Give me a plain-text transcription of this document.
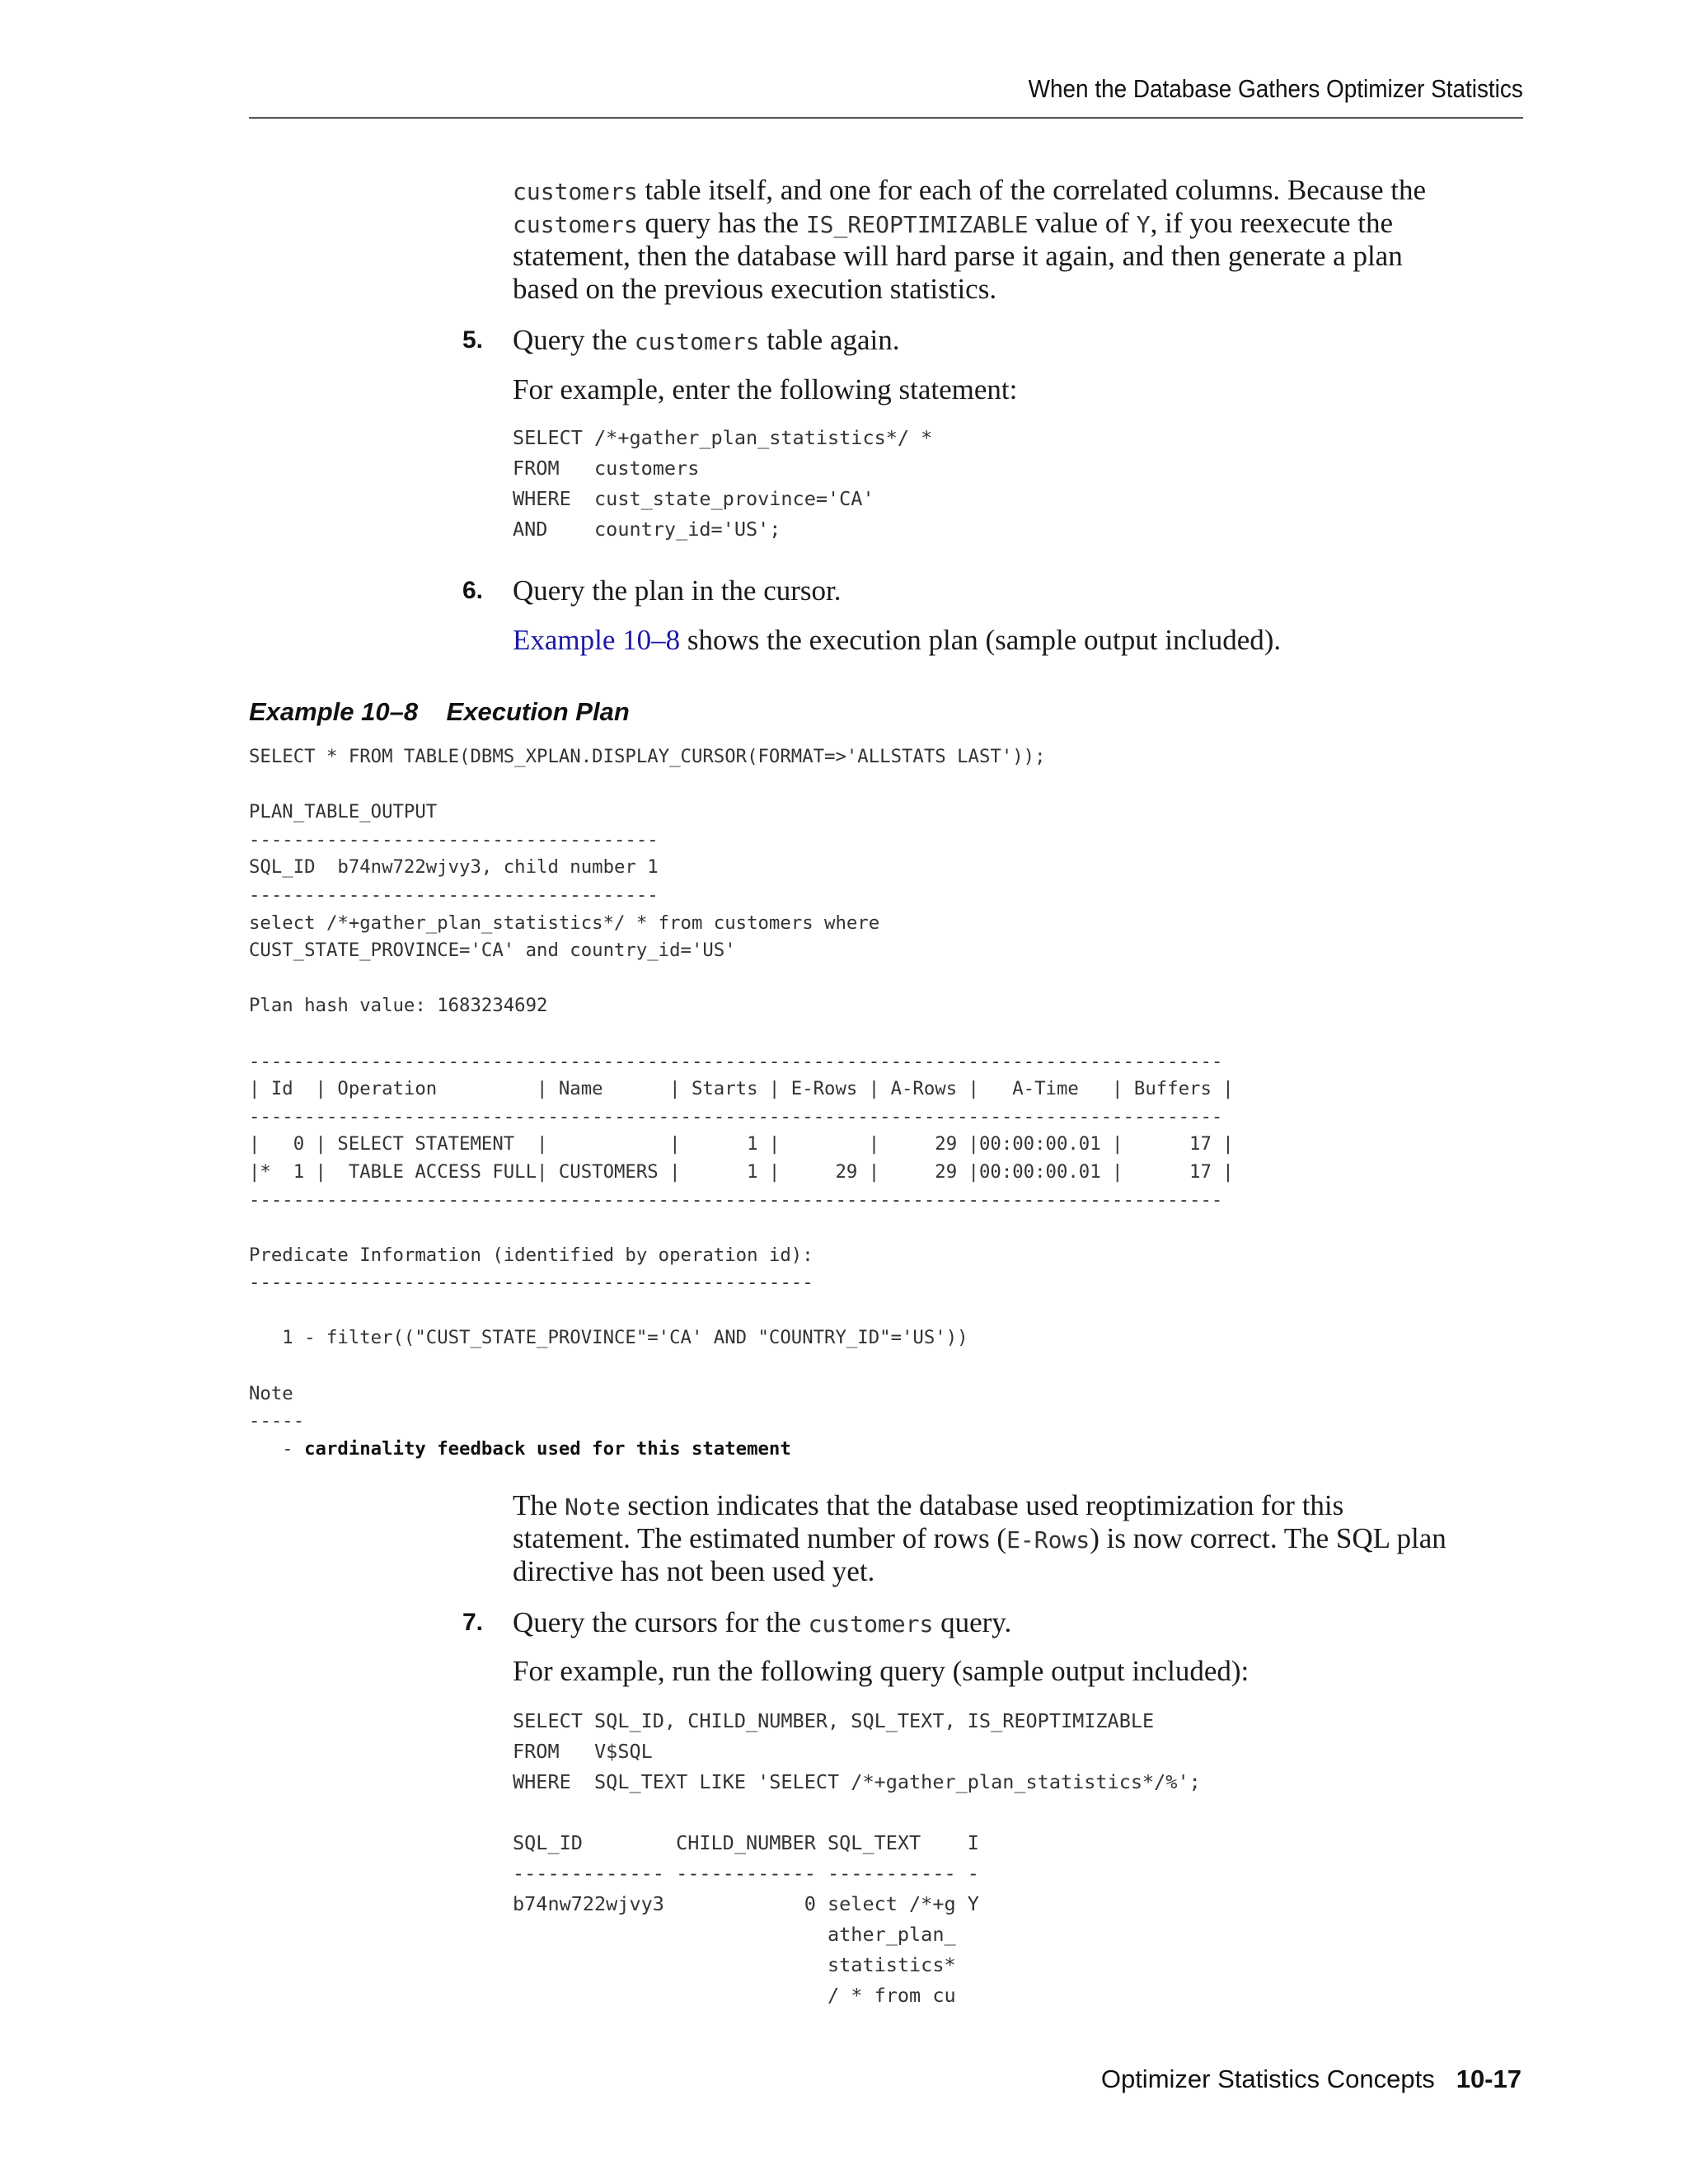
When the Database Gathers Optimizer Statistics

customers table itself, and one for each of the correlated columns. Because the

customers query has the IS_REOPTIMIZABLE value of Y, if you reexecute the

statement, then the database will hard parse it again, and then generate a plan

based on the previous execution statistics.

5. Query the customers table again.

For example, enter the following statement:

SELECT /*+gather_plan_statistics*/ *
FROM   customers
WHERE  cust_state_province='CA'
AND    country_id='US';
6. Query the plan in the cursor.

Example 10–8 shows the execution plan (sample output included).

Example 10–8    Execution Plan
SELECT * FROM TABLE(DBMS_XPLAN.DISPLAY_CURSOR(FORMAT=>'ALLSTATS LAST'));

PLAN_TABLE_OUTPUT
-------------------------------------
SQL_ID  b74nw722wjvy3, child number 1
-------------------------------------
select /*+gather_plan_statistics*/ * from customers where
CUST_STATE_PROVINCE='CA' and country_id='US'

Plan hash value: 1683234692

----------------------------------------------------------------------------------------
| Id  | Operation         | Name      | Starts | E-Rows | A-Rows |   A-Time   | Buffers |
----------------------------------------------------------------------------------------
|   0 | SELECT STATEMENT  |           |      1 |        |     29 |00:00:00.01 |      17 |
|*  1 |  TABLE ACCESS FULL| CUSTOMERS |      1 |     29 |     29 |00:00:00.01 |      17 |
----------------------------------------------------------------------------------------

Predicate Information (identified by operation id):
---------------------------------------------------

1 - filter(("CUST_STATE_PROVINCE"='CA' AND "COUNTRY_ID"='US'))

Note
-----
- cardinality feedback used for this statement

The Note section indicates that the database used reoptimization for this

statement. The estimated number of rows (E-Rows) is now correct. The SQL plan

directive has not been used yet.

7. Query the cursors for the customers query.

For example, run the following query (sample output included):

SELECT SQL_ID, CHILD_NUMBER, SQL_TEXT, IS_REOPTIMIZABLE
FROM   V$SQL
WHERE  SQL_TEXT LIKE 'SELECT /*+gather_plan_statistics*/%';

SQL_ID        CHILD_NUMBER SQL_TEXT    I
------------- ------------ ----------- -
b74nw722wjvy3            0 select /*+g Y
ather_plan_
statistics*
/ * from cu
Optimizer Statistics Concepts 10-17
